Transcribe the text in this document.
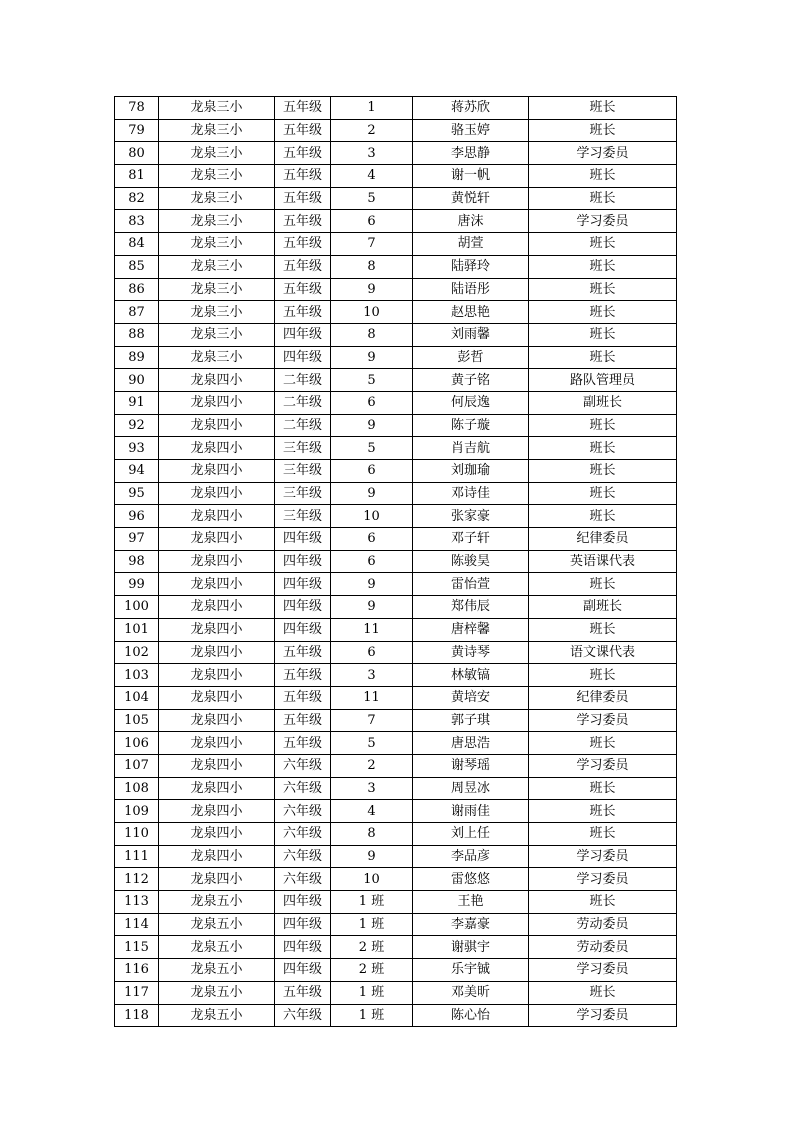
78	龙泉三小	五年级	1	蒋苏欣	班长
79	龙泉三小	五年级	2	骆玉婷	班长
80	龙泉三小	五年级	3	李思静	学习委员
81	龙泉三小	五年级	4	谢一帆	班长
82	龙泉三小	五年级	5	黄悦轩	班长
83	龙泉三小	五年级	6	唐沫	学习委员
84	龙泉三小	五年级	7	胡萱	班长
85	龙泉三小	五年级	8	陆驿玲	班长
86	龙泉三小	五年级	9	陆语彤	班长
87	龙泉三小	五年级	10	赵思艳	班长
88	龙泉三小	四年级	8	刘雨馨	班长
89	龙泉三小	四年级	9	彭哲	班长
90	龙泉四小	二年级	5	黄子铭	路队管理员
91	龙泉四小	二年级	6	何辰逸	副班长
92	龙泉四小	二年级	9	陈子璇	班长
93	龙泉四小	三年级	5	肖吉航	班长
94	龙泉四小	三年级	6	刘珈瑜	班长
95	龙泉四小	三年级	9	邓诗佳	班长
96	龙泉四小	三年级	10	张家豪	班长
97	龙泉四小	四年级	6	邓子轩	纪律委员
98	龙泉四小	四年级	6	陈骏昊	英语课代表
99	龙泉四小	四年级	9	雷怡萱	班长
100	龙泉四小	四年级	9	郑伟辰	副班长
101	龙泉四小	四年级	11	唐梓馨	班长
102	龙泉四小	五年级	6	黄诗琴	语文课代表
103	龙泉四小	五年级	3	林敏镐	班长
104	龙泉四小	五年级	11	黄培安	纪律委员
105	龙泉四小	五年级	7	郭子琪	学习委员
106	龙泉四小	五年级	5	唐思浩	班长
107	龙泉四小	六年级	2	谢琴瑶	学习委员
108	龙泉四小	六年级	3	周昱冰	班长
109	龙泉四小	六年级	4	谢雨佳	班长
110	龙泉四小	六年级	8	刘上任	班长
111	龙泉四小	六年级	9	李品彦	学习委员
112	龙泉四小	六年级	10	雷悠悠	学习委员
113	龙泉五小	四年级	1 班	王艳	班长
114	龙泉五小	四年级	1 班	李嘉豪	劳动委员
115	龙泉五小	四年级	2 班	谢骐宇	劳动委员
116	龙泉五小	四年级	2 班	乐宇铖	学习委员
117	龙泉五小	五年级	1 班	邓美昕	班长
118	龙泉五小	六年级	1 班	陈心怡	学习委员
